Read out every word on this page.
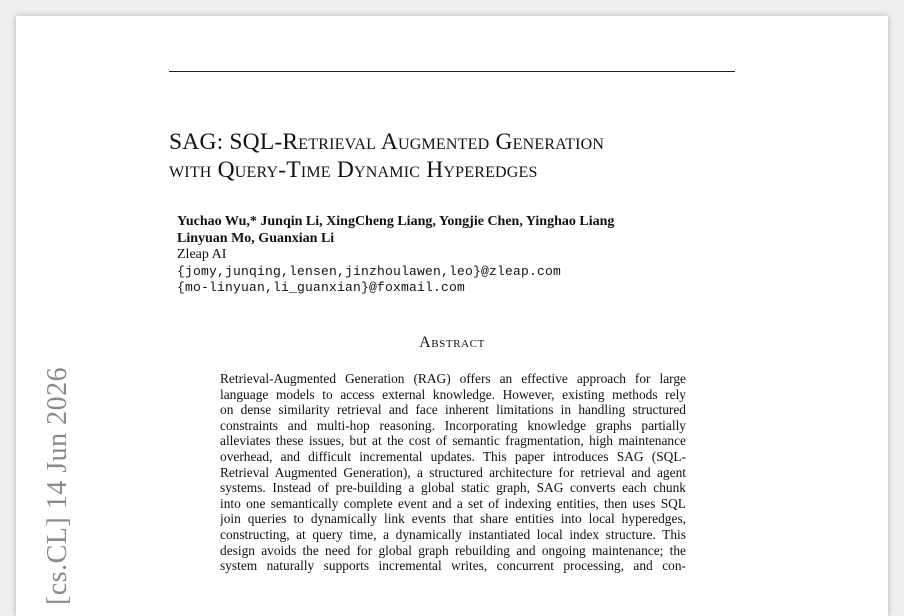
SAG: SQL-Retrieval Augmented Generation
with Query-Time Dynamic Hyperedges
Yuchao Wu,* Junqin Li, XingCheng Liang, Yongjie Chen, Yinghao Liang
Linyuan Mo, Guanxian Li
Zleap AI
{jomy,junqing,lensen,jinzhoulawen,leo}@zleap.com
{mo-linyuan,li_guanxian}@foxmail.com
Abstract
Retrieval-Augmented Generation (RAG) offers an effective approach for large
language models to access external knowledge. However, existing methods rely
on dense similarity retrieval and face inherent limitations in handling structured
constraints and multi-hop reasoning. Incorporating knowledge graphs partially
alleviates these issues, but at the cost of semantic fragmentation, high maintenance
overhead, and difficult incremental updates. This paper introduces SAG (SQL-
Retrieval Augmented Generation), a structured architecture for retrieval and agent
systems. Instead of pre-building a global static graph, SAG converts each chunk
into one semantically complete event and a set of indexing entities, then uses SQL
join queries to dynamically link events that share entities into local hyperedges,
constructing, at query time, a dynamically instantiated local index structure. This
design avoids the need for global graph rebuilding and ongoing maintenance; the
system naturally supports incremental writes, concurrent processing, and con-
[cs.CL] 14 Jun 2026
